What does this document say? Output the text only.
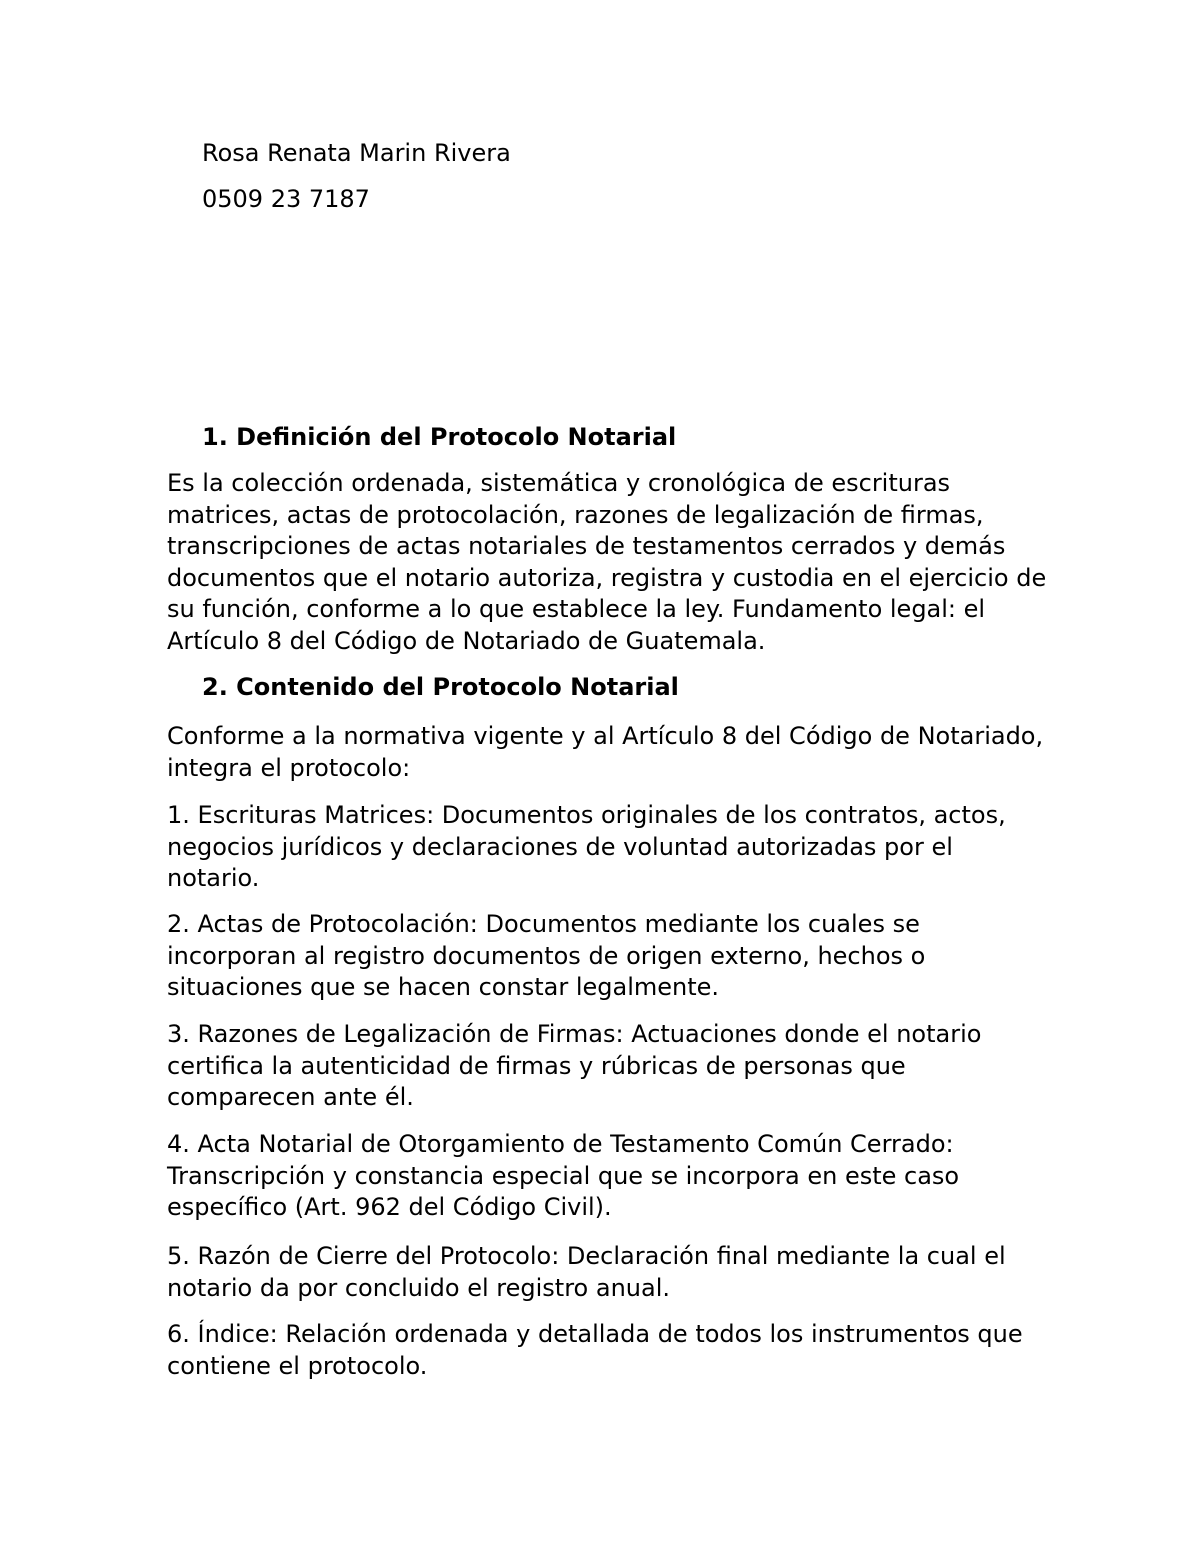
Rosa Renata Marin Rivera

0509 23 7187

1. Definición del Protocolo Notarial

Es la colección ordenada, sistemática y cronológica de escrituras
matrices, actas de protocolación, razones de legalización de firmas,
transcripciones de actas notariales de testamentos cerrados y demás
documentos que el notario autoriza, registra y custodia en el ejercicio de
su función, conforme a lo que establece la ley. Fundamento legal: el
Artículo 8 del Código de Notariado de Guatemala.

2. Contenido del Protocolo Notarial

Conforme a la normativa vigente y al Artículo 8 del Código de Notariado,
integra el protocolo:

1. Escrituras Matrices: Documentos originales de los contratos, actos,
negocios jurídicos y declaraciones de voluntad autorizadas por el
notario.

2. Actas de Protocolación: Documentos mediante los cuales se
incorporan al registro documentos de origen externo, hechos o
situaciones que se hacen constar legalmente.

3. Razones de Legalización de Firmas: Actuaciones donde el notario
certifica la autenticidad de firmas y rúbricas de personas que
comparecen ante él.

4. Acta Notarial de Otorgamiento de Testamento Común Cerrado:
Transcripción y constancia especial que se incorpora en este caso
específico (Art. 962 del Código Civil).

5. Razón de Cierre del Protocolo: Declaración final mediante la cual el
notario da por concluido el registro anual.

6. Índice: Relación ordenada y detallada de todos los instrumentos que
contiene el protocolo.
